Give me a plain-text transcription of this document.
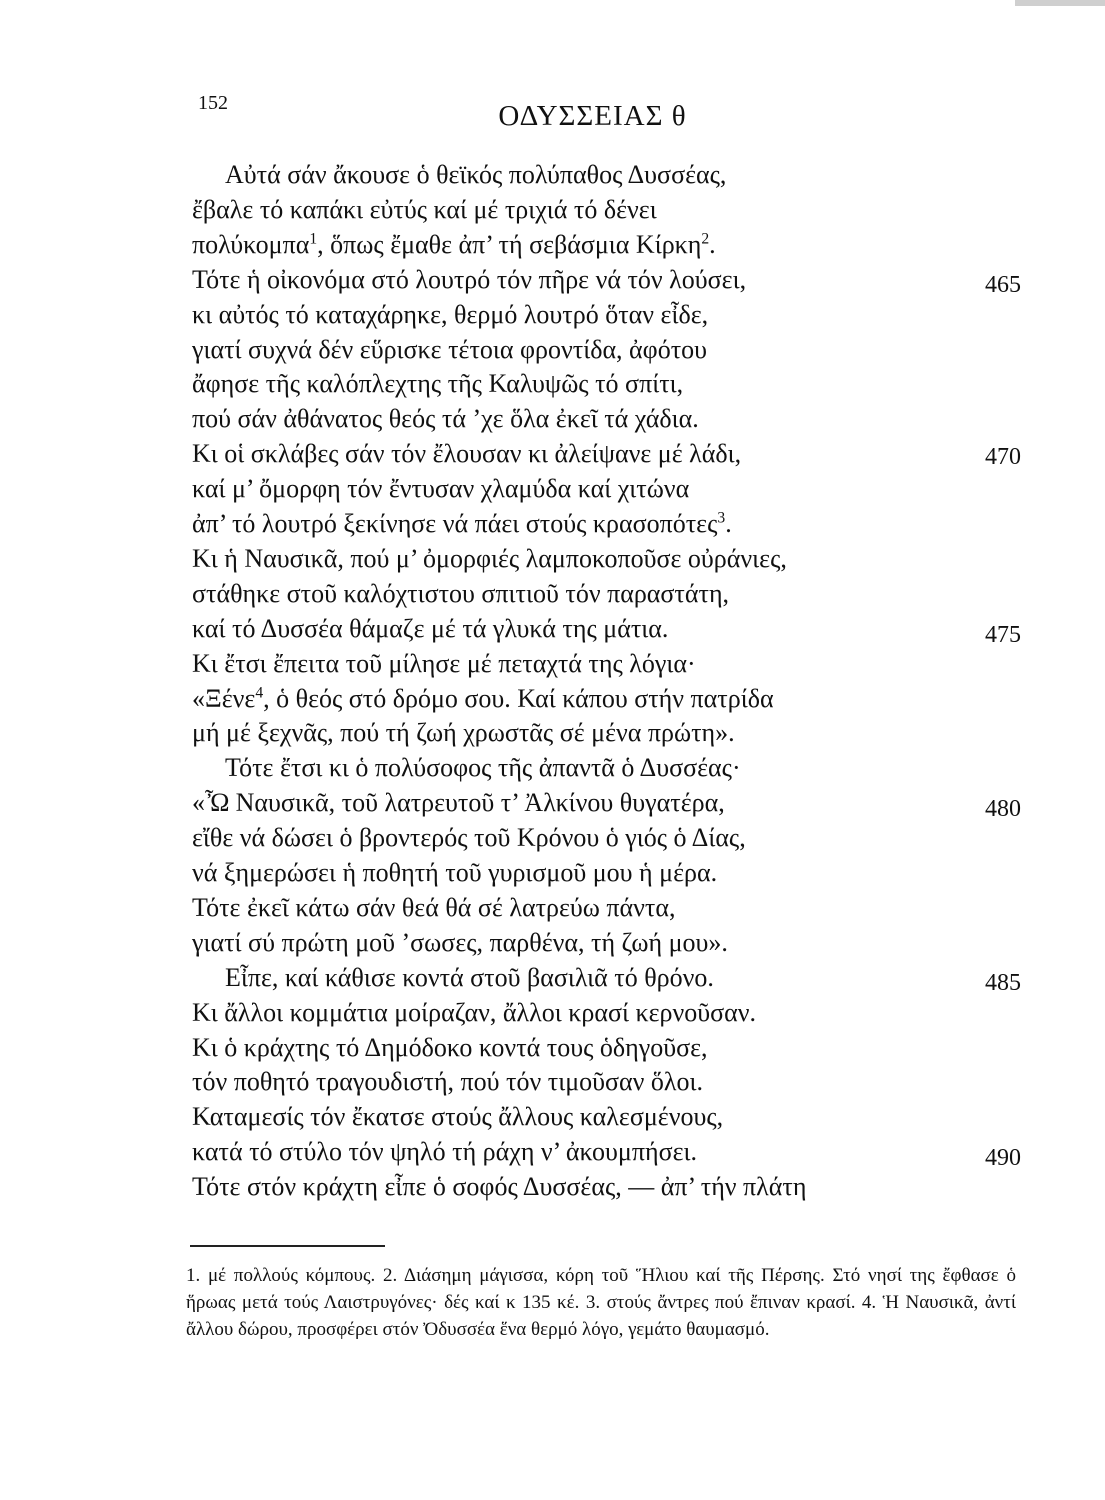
152	ΟΔΥΣΣΕΙΑΣ θ
Αὐτά σάν ἄκουσε ὁ θεϊκός πολύπαθος Δυσσέας,
ἔβαλε τό καπάκι εὐτύς καί μέ τριχιά τό δένει
πολύκομπα$^1$, ὅπως ἔμαθε ἀπ’ τή σεβάσμια Κίρκη$^2$.
Τότε ἡ οἰκονόμα στό λουτρό τόν πῆρε νά τόν λούσει,
κι αὐτός τό καταχάρηκε, θερμό λουτρό ὅταν εἶδε,
γιατί συχνά δέν εὕρισκε τέτοια φροντίδα, ἀφότου
ἄφησε τῆς καλόπλεχτης τῆς Καλυψῶς τό σπίτι,
πού σάν ἀθάνατος θεός τά ’χε ὅλα ἐκεῖ τά χάδια.
Κι οἱ σκλάβες σάν τόν ἔλουσαν κι ἀλείψανε μέ λάδι,
καί μ’ ὄμορφη τόν ἔντυσαν χλαμύδα καί χιτώνα
ἀπ’ τό λουτρό ξεκίνησε νά πάει στούς κρασοπότες$^3$.
Κι ἡ Ναυσικᾶ, πού μ’ ὀμορφιές λαμποκοποῦσε οὐράνιες,
στάθηκε στοῦ καλόχτιστου σπιτιοῦ τόν παραστάτη,
καί τό Δυσσέα θάμαζε μέ τά γλυκά της μάτια.
Κι ἔτσι ἔπειτα τοῦ μίλησε μέ πεταχτά της λόγια·
«Ξένε$^4$, ὁ θεός στό δρόμο σου. Καί κάπου στήν πατρίδα
μή μέ ξεχνᾶς, πού τή ζωή χρωστᾶς σέ μένα πρώτη».
Τότε ἔτσι κι ὁ πολύσοφος τῆς ἀπαντᾶ ὁ Δυσσέας·
«Ὦ Ναυσικᾶ, τοῦ λατρευτοῦ τ’ Ἀλκίνου θυγατέρα,
εἴθε νά δώσει ὁ βροντερός τοῦ Κρόνου ὁ γιός ὁ Δίας,
νά ξημερώσει ἡ ποθητή τοῦ γυρισμοῦ μου ἡ μέρα.
Τότε ἐκεῖ κάτω σάν θεά θά σέ λατρεύω πάντα,
γιατί σύ πρώτη μοῦ ’σωσες, παρθένα, τή ζωή μου».
Εἶπε, καί κάθισε κοντά στοῦ βασιλιᾶ τό θρόνο.
Κι ἄλλοι κομμάτια μοίραζαν, ἄλλοι κρασί κερνοῦσαν.
Κι ὁ κράχτης τό Δημόδοκο κοντά τους ὁδηγοῦσε,
τόν ποθητό τραγουδιστή, πού τόν τιμοῦσαν ὅλοι.
Καταμεσίς τόν ἔκατσε στούς ἄλλους καλεσμένους,
κατά τό στύλο τόν ψηλό τή ράχη ν’ ἀκουμπήσει.
Τότε στόν κράχτη εἶπε ὁ σοφός Δυσσέας, — ἀπ’ τήν πλάτη
465
470
475
480
485
490
1. μέ πολλούς κόμπους. 2. Διάσημη μάγισσα, κόρη τοῦ Ἥλιου καί τῆς Πέρσης. Στό νησί της ἔφθασε ὁ ἥρωας μετά τούς Λαιστρυγόνες· δές καί κ 135 κέ. 3. στούς ἄντρες πού ἔπιναν κρασί. 4. Ἡ Ναυσικᾶ, ἀντί ἄλλου δώρου, προσφέρει στόν Ὀδυσσέα ἕνα θερμό λόγο, γεμάτο θαυμασμό.
